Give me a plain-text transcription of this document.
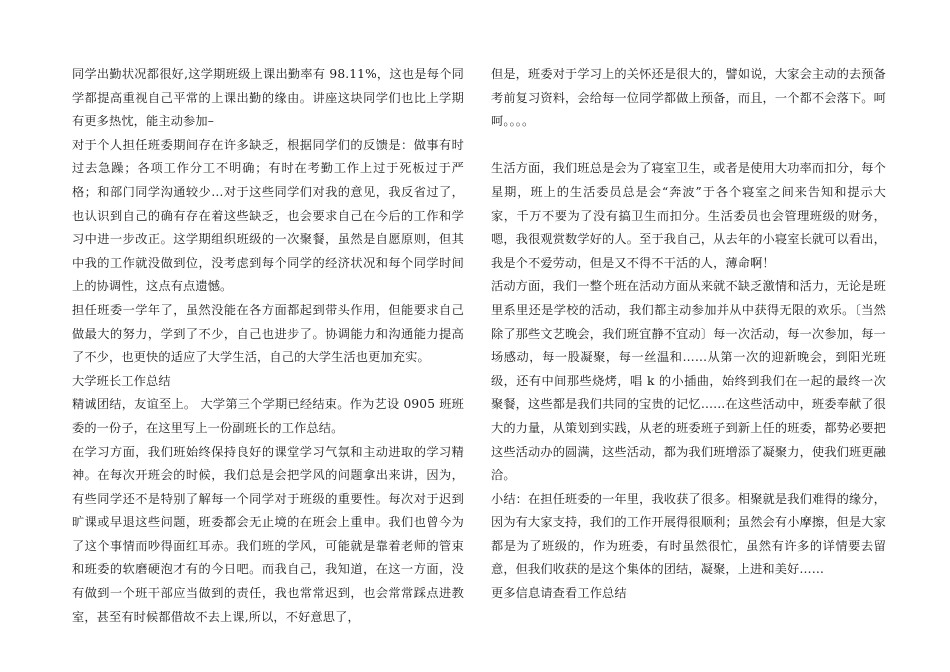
同学出勤状况都很好,这学期班级上课出勤率有 98.11%，这也是每个同学都提高重视自己平常的上课出勤的缘由。讲座这块同学们也比上学期有更多热忱，能主动参加–

对于个人担任班委期间存在许多缺乏，根据同学们的反馈是：做事有时过去急躁；各项工作分工不明确；有时在考勤工作上过于死板过于严格；和部门同学沟通较少…对于这些同学们对我的意见，我反省过了，也认识到自己的确有存在着这些缺乏，也会要求自己在今后的工作和学习中进一步改正。这学期组织班级的一次聚餐，虽然是自愿原则，但其中我的工作就没做到位，没考虑到每个同学的经济状况和每个同学时间上的协调性，这点有点遗憾。

担任班委一学年了，虽然没能在各方面都起到带头作用，但能要求自己做最大的努力，学到了不少，自己也进步了。协调能力和沟通能力提高了不少，也更快的适应了大学生活，自己的大学生活也更加充实。

大学班长工作总结

精诚团结，友谊至上。 大学第三个学期已经结束。作为艺设 0905 班班委的一份子，在这里写上一份副班长的工作总结。

在学习方面，我们班始终保持良好的课堂学习气氛和主动进取的学习精神。在每次开班会的时候，我们总是会把学风的问题拿出来讲，因为，有些同学还不是特别了解每一个同学对于班级的重要性。每次对于迟到旷课或早退这些问题，班委都会无止境的在班会上重申。我们也曾今为了这个事情而吵得面红耳赤。我们班的学风，可能就是靠着老师的管束和班委的软磨硬泡才有的今日吧。而我自己，我知道，在这一方面，没有做到一个班干部应当做到的责任，我也常常迟到，也会常常踩点进教室，甚至有时候都借故不去上课,所以，不好意思了，

但是，班委对于学习上的关怀还是很大的，譬如说，大家会主动的去预备考前复习资料，会给每一位同学都做上预备，而且，一个都不会落下。呵呵。。。。

生活方面，我们班总是会为了寝室卫生，或者是使用大功率而扣分，每个星期，班上的生活委员总是会“奔波”于各个寝室之间来告知和提示大家，千万不要为了没有搞卫生而扣分。生活委员也会管理班级的财务，嗯，我很观赏数学好的人。至于我自己，从去年的小寝室长就可以看出，我是个不爱劳动，但是又不得不干活的人，薄命啊！

活动方面，我们一整个班在活动方面从来就不缺乏激情和活力，无论是班里系里还是学校的活动，我们都主动参加并从中获得无限的欢乐。〔当然除了那些文艺晚会，我们班宜静不宜动〕每一次活动，每一次参加，每一场感动，每一股凝聚，每一丝温和……从第一次的迎新晚会，到阳光班级，还有中间那些烧烤，唱 k 的小插曲，始终到我们在一起的最终一次聚餐，这些都是我们共同的宝贵的记忆……在这些活动中，班委奉献了很大的力量，从策划到实践，从老的班委班子到新上任的班委，都势必要把这些活动办的圆满，这些活动，都为我们班增添了凝聚力，使我们班更融洽。

小结：在担任班委的一年里，我收获了很多。相聚就是我们难得的缘分，因为有大家支持，我们的工作开展得很顺利；虽然会有小摩擦，但是大家都是为了班级的，作为班委，有时虽然很忙，虽然有许多的详情要去留意，但我们收获的是这个集体的团结，凝聚，上进和美好……

更多信息请查看工作总结
